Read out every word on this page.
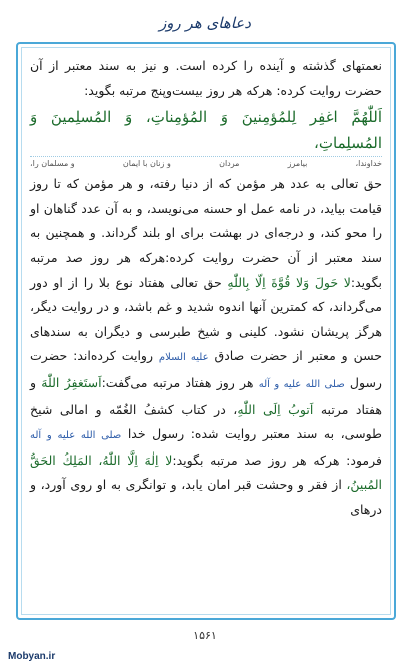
دعاهای هر روز

نعمتهای گذشته و آینده را کرده است. و نیز به سند معتبر از آن حضرت روایت کرده: هرکه هر روز بیست‌وپنج مرتبه بگوید:

اَللّٰهُمَّ اغفِر لِلمُؤمِنينَ وَ المُؤمِناتِ، وَ المُسلِمينَ وَ المُسلِماتِ،
خداوندا،
بیامرز
مردان
و زنان با ایمان
و مسلمان را،

حق تعالی به عدد هر مؤمن که از دنیا رفته، و هر مؤمن که تا روز قیامت بیاید، در نامه عمل او حسنه می‌نویسد، و به آن عدد گناهان او را محو کند، و درجه‌ای در بهشت برای او بلند گرداند. و همچنین به سند معتبر از آن حضرت روایت کرده:هرکه هر روز صد مرتبه بگوید:لا حَولَ وَلا قُوَّةَ اِلّا بِاللّٰهِ حق تعالی هفتاد نوع بلا را از او دور می‌گرداند، که کمترین آنها اندوه شدید و غم باشد، و در روایت دیگر، هرگز پریشان نشود. کلینی و شیخ طبرسی و دیگران به سندهای حسن و معتبر از حضرت صادق عليه السلام روایت کرده‌اند: حضرت رسول صلى الله عليه و آله هر روز هفتاد مرتبه می‌گفت:اَستَغفِرُ اللّٰهَ و هفتاد مرتبه اَتوبُ اِلَى اللّٰهِ، در کتاب کشفُ الغُمّه و امالی شیخ طوسی، به سند معتبر روایت شده: رسول خدا صلى الله عليه و آله فرمود: هرکه هر روز صد مرتبه بگوید:لا اِلٰهَ اِلَّا اللّٰهُ، المَلِكُ الحَقُّ المُبينُ، از فقر و وحشت قبر امان یابد، و توانگری به او روی آورد، و درهای

۱۵۶۱
Mobyan.ir
